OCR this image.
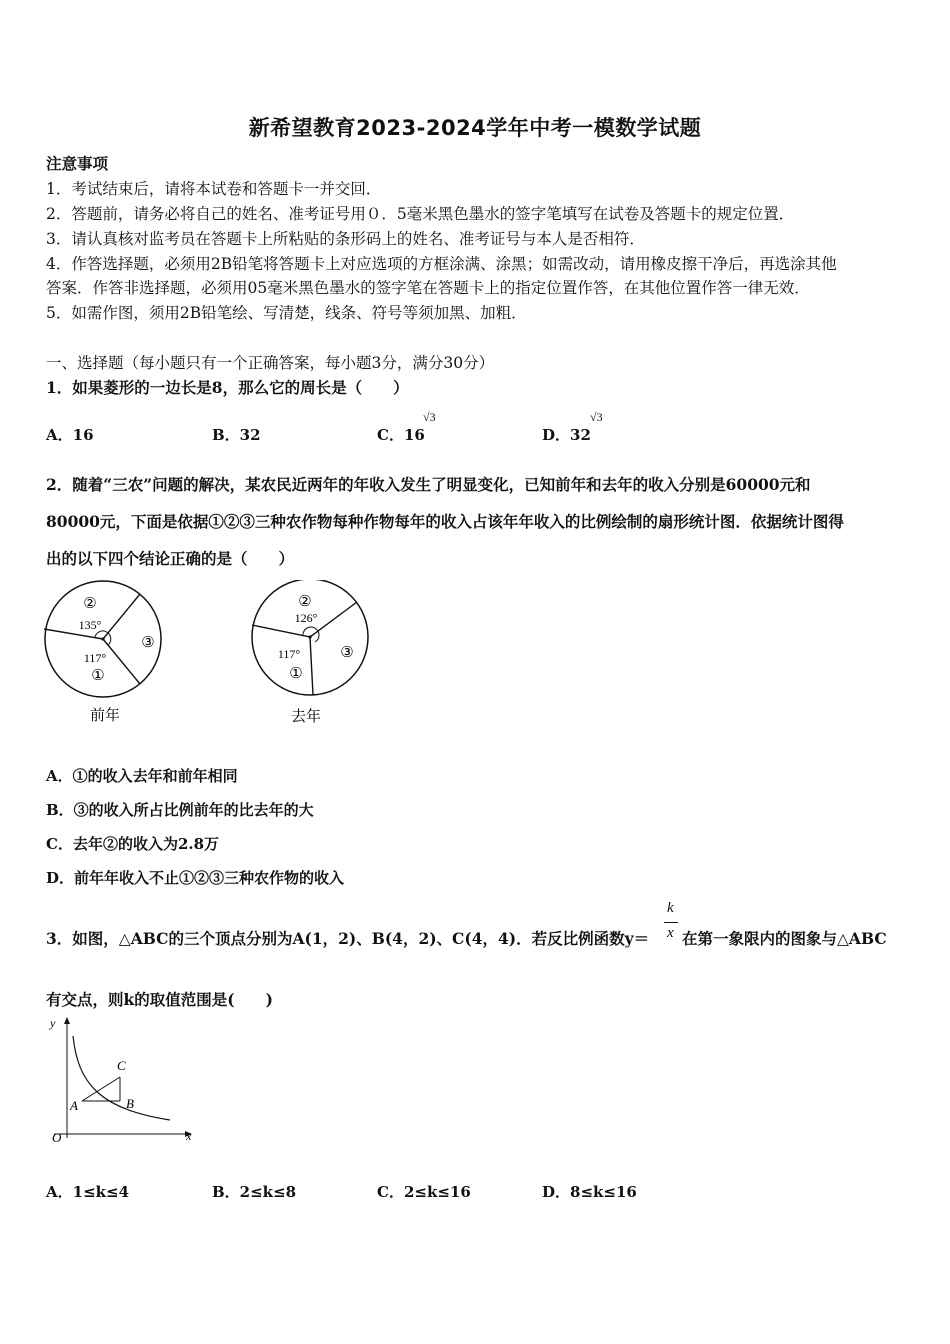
新希望教育2023-2024学年中考一模数学试题
注意事项
1．考试结束后，请将本试卷和答题卡一并交回．
2．答题前，请务必将自己的姓名、准考证号用０．5毫米黑色墨水的签字笔填写在试卷及答题卡的规定位置．
3．请认真核对监考员在答题卡上所粘贴的条形码上的姓名、准考证号与本人是否相符．
4．作答选择题，必须用2B铅笔将答题卡上对应选项的方框涂满、涂黑；如需改动，请用橡皮擦干净后，再选涂其他
答案．作答非选择题，必须用05毫米黑色墨水的签字笔在答题卡上的指定位置作答，在其他位置作答一律无效．
5．如需作图，须用2B铅笔绘、写清楚，线条、符号等须加黑、加粗．
一、选择题（每小题只有一个正确答案，每小题3分，满分30分）
1．如果菱形的一边长是8，那么它的周长是（　　）
A．16	B．32	C．16
√3
D．32
√3
2．随着“三农”问题的解决，某农民近两年的年收入发生了明显变化，已知前年和去年的收入分别是60000元和
80000元，下面是依据①②③三种农作物每种作物每年的收入占该年年收入的比例绘制的扇形统计图．依据统计图得
出的以下四个结论正确的是（　　）
②
③
①
135°
117°
前年
②
③
①
126°
117°
去年
A．①的收入去年和前年相同
B．③的收入所占比例前年的比去年的大
C．去年②的收入为2.8万
D．前年年收入不止①②③三种农作物的收入
3．如图，△ABC的三个顶点分别为A(1，2)、B(4，2)、C(4，4)．若反比例函数y＝
k
x 在第一象限内的图象与△ABC
有交点，则k的取值范围是(　　)
y
x
O
A	B
C
A．1≤k≤4	B．2≤k≤8	C．2≤k≤16	D．8≤k≤16
